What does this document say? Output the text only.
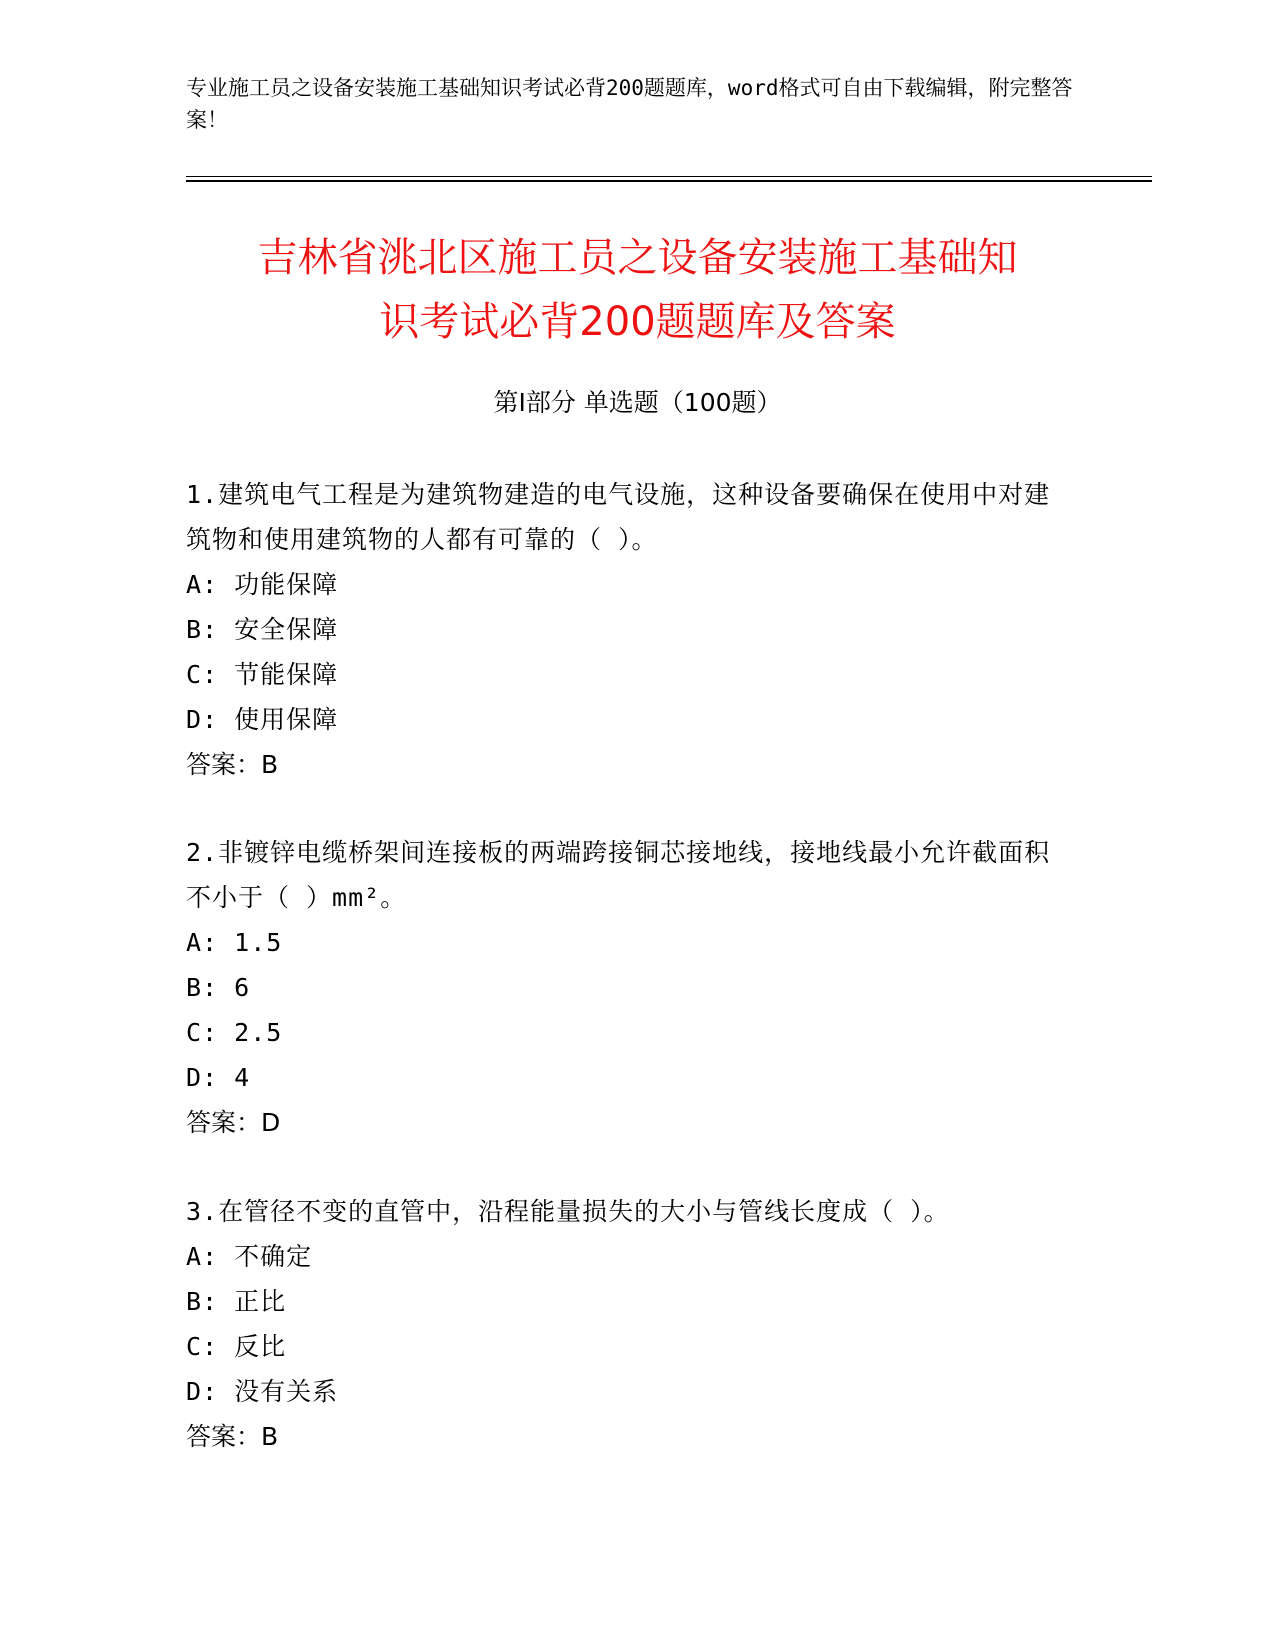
专业施工员之设备安装施工基础知识考试必背200题题库，word格式可自由下载编辑，附完整答案！
吉林省洮北区施工员之设备安装施工基础知
识考试必背200题题库及答案
第Ⅰ部分 单选题（100题）

1.建筑电气工程是为建筑物建造的电气设施，这种设备要确保在使用中对建筑物和使用建筑物的人都有可靠的（ ）。

A: 功能保障

B: 安全保障

C: 节能保障

D: 使用保障

答案：B

2.非镀锌电缆桥架间连接板的两端跨接铜芯接地线，接地线最小允许截面积不小于（ ）mm²。

A: 1.5

B: 6

C: 2.5

D: 4

答案：D

3.在管径不变的直管中，沿程能量损失的大小与管线长度成（ ）。

A: 不确定

B: 正比

C: 反比

D: 没有关系

答案：B
